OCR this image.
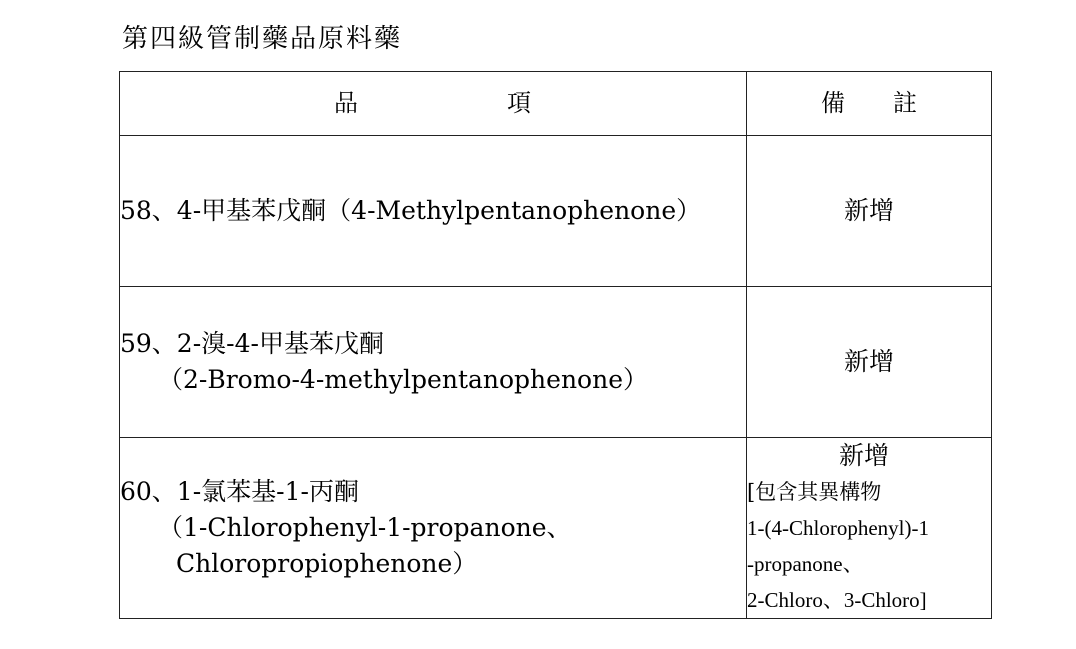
第四級管制藥品原料藥
品 項	備 註

58、4-甲基苯戊酮（4-Methylpentanophenone）	新增

59、2-溴-4-甲基苯戊酮
（2-Bromo-4-methylpentanophenone）	新增

60、1-氯苯基-1-丙酮
（1-Chlorophenyl-1-propanone、
Chloropropiophenone）	新增
[包含其異構物
1-(4-Chlorophenyl)-1
-propanone、
2-Chloro、3-Chloro]
